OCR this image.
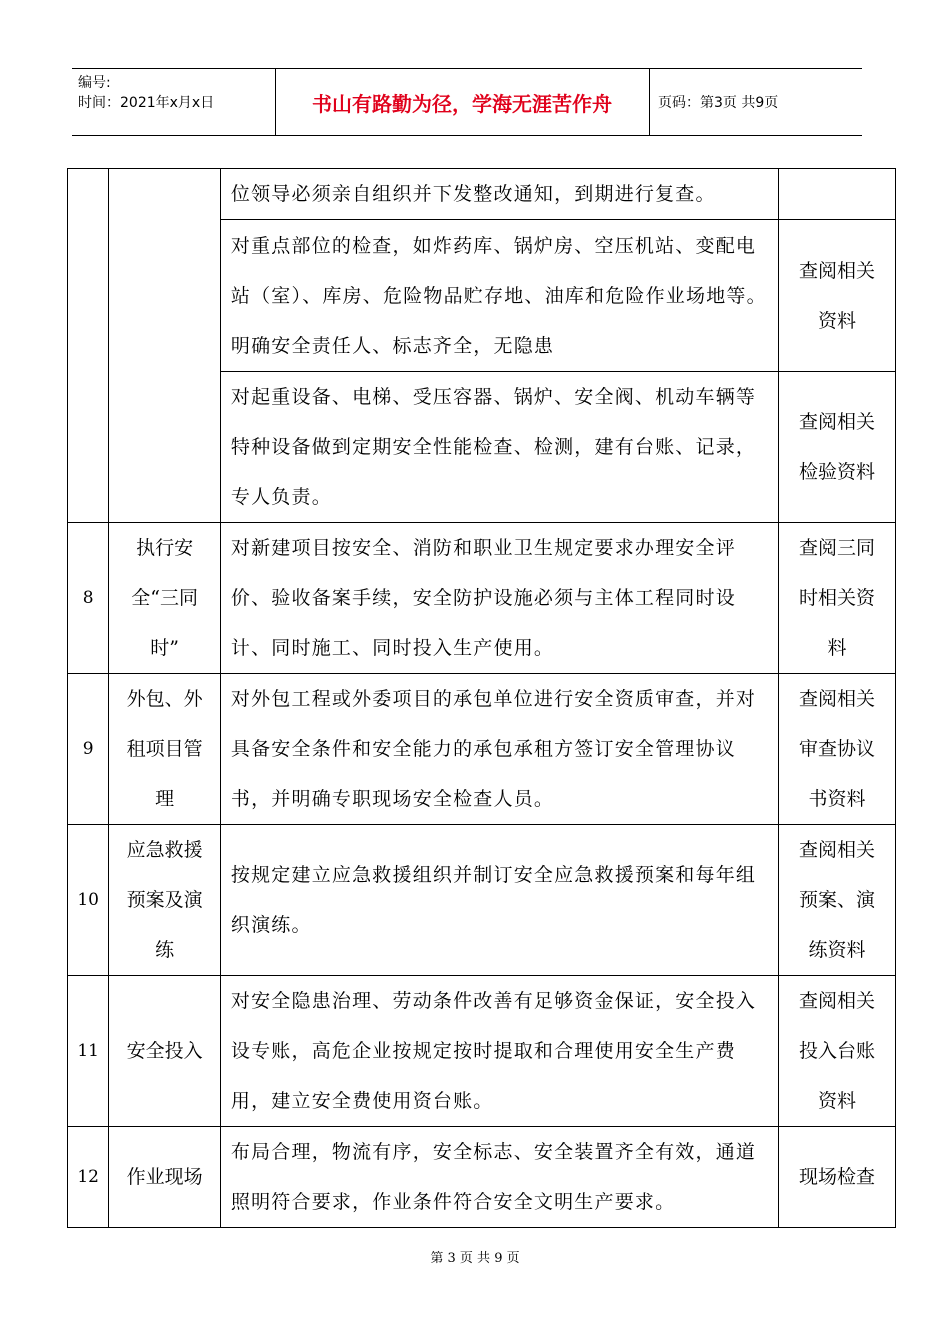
编号:
时间：2021年x月x日	书山有路勤为径，学海无涯苦作舟	页码：第3页 共9页

		位领导必须亲自组织并下发整改通知，到期进行复查。	

		对重点部位的检查，如炸药库、锅炉房、空压机站、变配电站（室）、库房、危险物品贮存地、油库和危险作业场地等。明确安全责任人、标志齐全，无隐患	查阅相关资料

		对起重设备、电梯、受压容器、锅炉、安全阀、机动车辆等特种设备做到定期安全性能检查、检测，建有台账、记录，专人负责。	查阅相关检验资料

8	执行安全“三同时”	对新建项目按安全、消防和职业卫生规定要求办理安全评价、验收备案手续，安全防护设施必须与主体工程同时设计、同时施工、同时投入生产使用。	查阅三同时相关资料

9	外包、外租项目管理	对外包工程或外委项目的承包单位进行安全资质审查，并对具备安全条件和安全能力的承包承租方签订安全管理协议书，并明确专职现场安全检查人员。	查阅相关审查协议书资料

10	应急救援预案及演练	按规定建立应急救援组织并制订安全应急救援预案和每年组织演练。	查阅相关预案、演练资料

11	安全投入	对安全隐患治理、劳动条件改善有足够资金保证，安全投入设专账，高危企业按规定按时提取和合理使用安全生产费用，建立安全费使用资台账。	查阅相关投入台账资料

12	作业现场	布局合理，物流有序，安全标志、安全装置齐全有效，通道照明符合要求，作业条件符合安全文明生产要求。	现场检查
第 3 页 共 9 页
